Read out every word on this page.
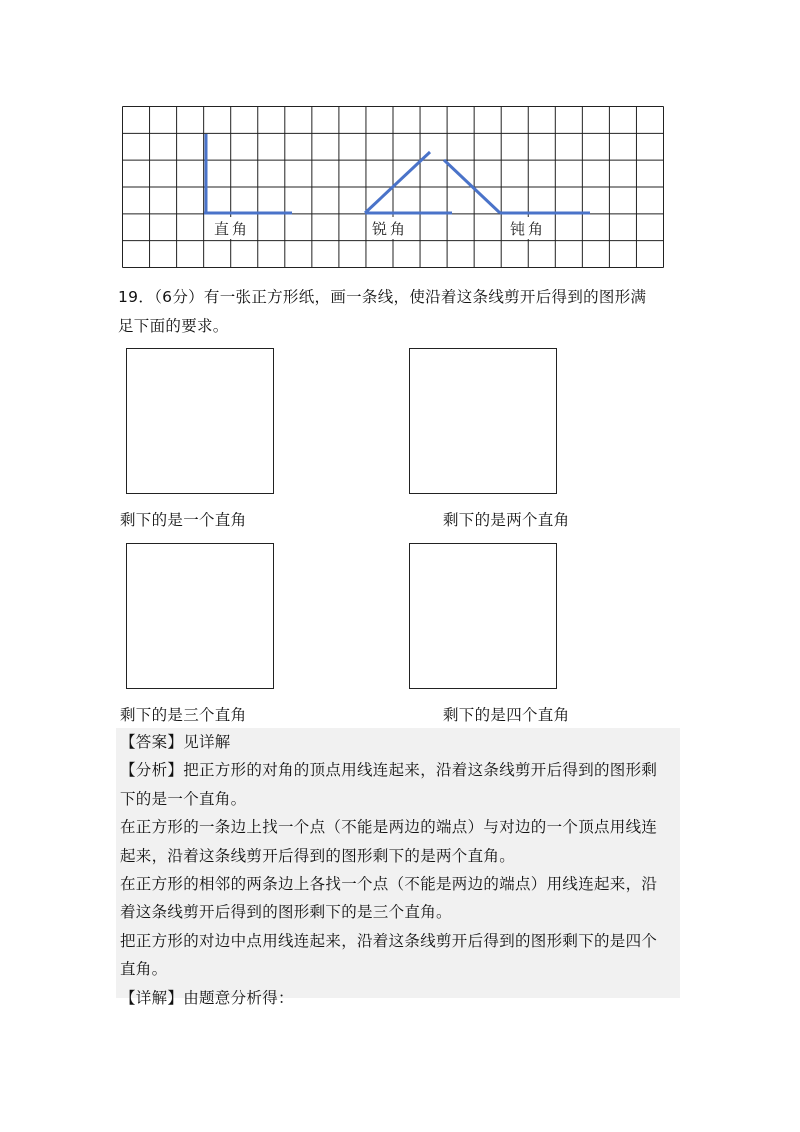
直角	锐角	钝角
19．（6分）有一张正方形纸，画一条线，使沿着这条线剪开后得到的图形满
足下面的要求。
剩下的是一个直角	剩下的是两个直角
剩下的是三个直角	剩下的是四个直角
【答案】见详解
【分析】把正方形的对角的顶点用线连起来，沿着这条线剪开后得到的图形剩
下的是一个直角。
在正方形的一条边上找一个点（不能是两边的端点）与对边的一个顶点用线连
起来，沿着这条线剪开后得到的图形剩下的是两个直角。
在正方形的相邻的两条边上各找一个点（不能是两边的端点）用线连起来，沿
着这条线剪开后得到的图形剩下的是三个直角。
把正方形的对边中点用线连起来，沿着这条线剪开后得到的图形剩下的是四个
直角。
【详解】由题意分析得：
